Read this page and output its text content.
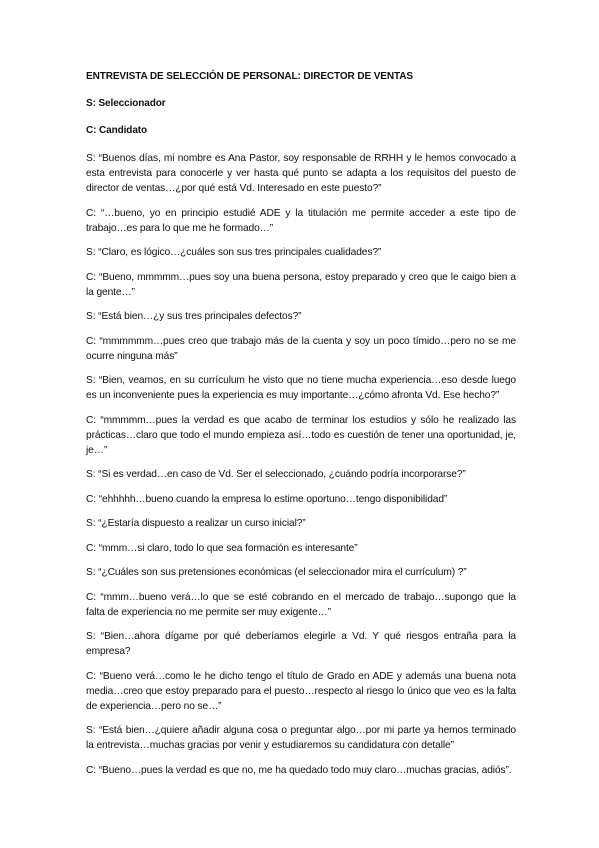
ENTREVISTA DE SELECCIÓN DE PERSONAL: DIRECTOR DE VENTAS

S: Seleccionador

C: Candidato

S: “Buenos días, mi nombre es Ana Pastor, soy responsable de RRHH y le hemos convocado a esta entrevista para conocerle y ver hasta qué punto se adapta a los requisitos del puesto de director de ventas…¿por qué está Vd. Interesado en este puesto?”

C: “…bueno, yo en principio estudié ADE y la titulación me permite acceder a este tipo de trabajo…es para lo que me he formado…”

S: “Claro, es lógico…¿cuáles son sus tres principales cualidades?”

C: “Bueno, mmmmm…pues soy una buena persona, estoy preparado y creo que le caigo bien a la gente…”

S: “Está bien…¿y sus tres principales defectos?”

C: “mmmmmm…pues creo que trabajo más de la cuenta y soy un poco tímido…pero no se me ocurre ninguna más”

S: “Bien, veamos, en su currículum he visto que no tiene mucha experiencia…eso desde luego es un inconveniente pues la experiencia es muy importante…¿cómo afronta Vd. Ese hecho?”

C: “mmmmm…pues la verdad es que acabo de terminar los estudios y sólo he realizado las prácticas…claro que todo el mundo empieza así…todo es cuestión de tener una oportunidad, je, je…”

S: “Si es verdad…en caso de Vd. Ser el seleccionado, ¿cuándo podría incorporarse?”

C: “ehhhhh…bueno cuando la empresa lo estime oportuno…tengo disponibilidad”

S: “¿Estaría dispuesto a realizar un curso inicial?”

C: “mmm…si claro, todo lo que sea formación es interesante”

S: “¿Cuáles son sus pretensiones económicas (el seleccionador mira el currículum) ?”

C: “mmm…bueno verá…lo que se esté cobrando en el mercado de trabajo…supongo que la falta de experiencia no me permite ser muy exigente…”

S: “Bien…ahora dígame por qué deberíamos elegirle a Vd. Y qué riesgos entraña para la empresa?

C: “Bueno verá…como le he dicho tengo el título de Grado en ADE y además una buena nota media…creo que estoy preparado para el puesto…respecto al riesgo lo único que veo es la falta de experiencia…pero no se…”

S: “Está bien…¿quiere añadir alguna cosa o preguntar algo…por mi parte ya hemos terminado la entrevista…muchas gracias por venir y estudiaremos su candidatura con detalle”

C: “Bueno…pues la verdad es que no, me ha quedado todo muy claro…muchas gracias, adiós”.
